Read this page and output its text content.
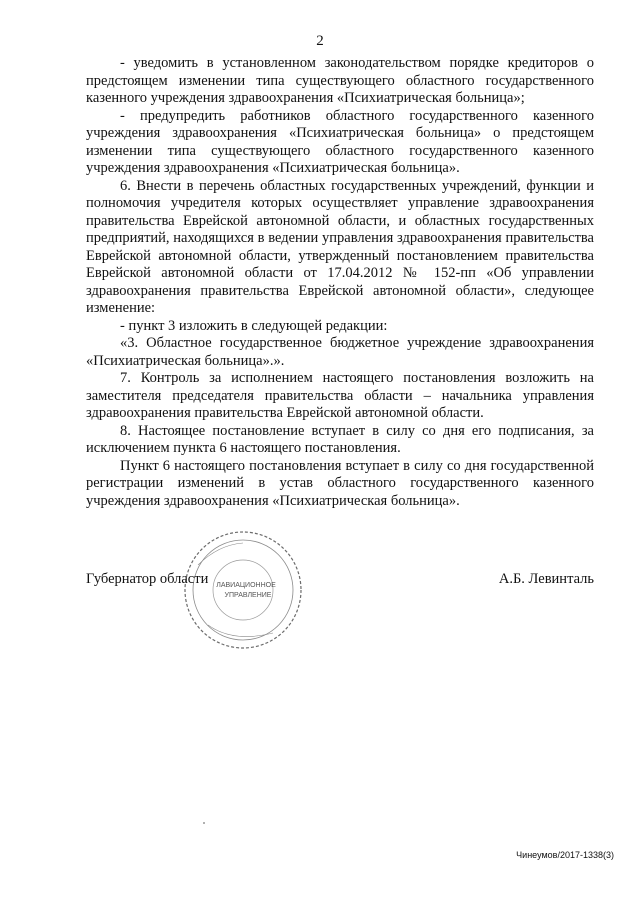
2

- уведомить в установленном законодательством порядке кредиторов о предстоящем изменении типа существующего областного государственного казенного учреждения здравоохранения «Психиатрическая больница»;

- предупредить работников областного государственного казенного учреждения здравоохранения «Психиатрическая больница» о предстоящем изменении типа существующего областного государственного казенного учреждения здравоохранения «Психиатрическая больница».

6. Внести в перечень областных государственных учреждений, функции и полномочия учредителя которых осуществляет управление здравоохранения правительства Еврейской автономной области, и областных государственных предприятий, находящихся в ведении управления здравоохранения правительства Еврейской автономной области, утвержденный постановлением правительства Еврейской автономной области от 17.04.2012 № 152-пп «Об управлении здравоохранения правительства Еврейской автономной области», следующее изменение:

- пункт 3 изложить в следующей редакции:

«3. Областное государственное бюджетное учреждение здравоохранения «Психиатрическая больница».».

7. Контроль за исполнением настоящего постановления возложить на заместителя председателя правительства области – начальника управления здравоохранения правительства Еврейской автономной области.

8. Настоящее постановление вступает в силу со дня его подписания, за исключением пункта 6 настоящего постановления.

Пункт 6 настоящего постановления вступает в силу со дня государственной регистрации изменений в устав областного государственного казенного учреждения здравоохранения «Психиатрическая больница».

ЛАВИАЦИОННОЕ
УПРАВЛЕНИЕ
Губернатор области	А.Б. Левинталь
Чинеумов/2017-1338(3)
